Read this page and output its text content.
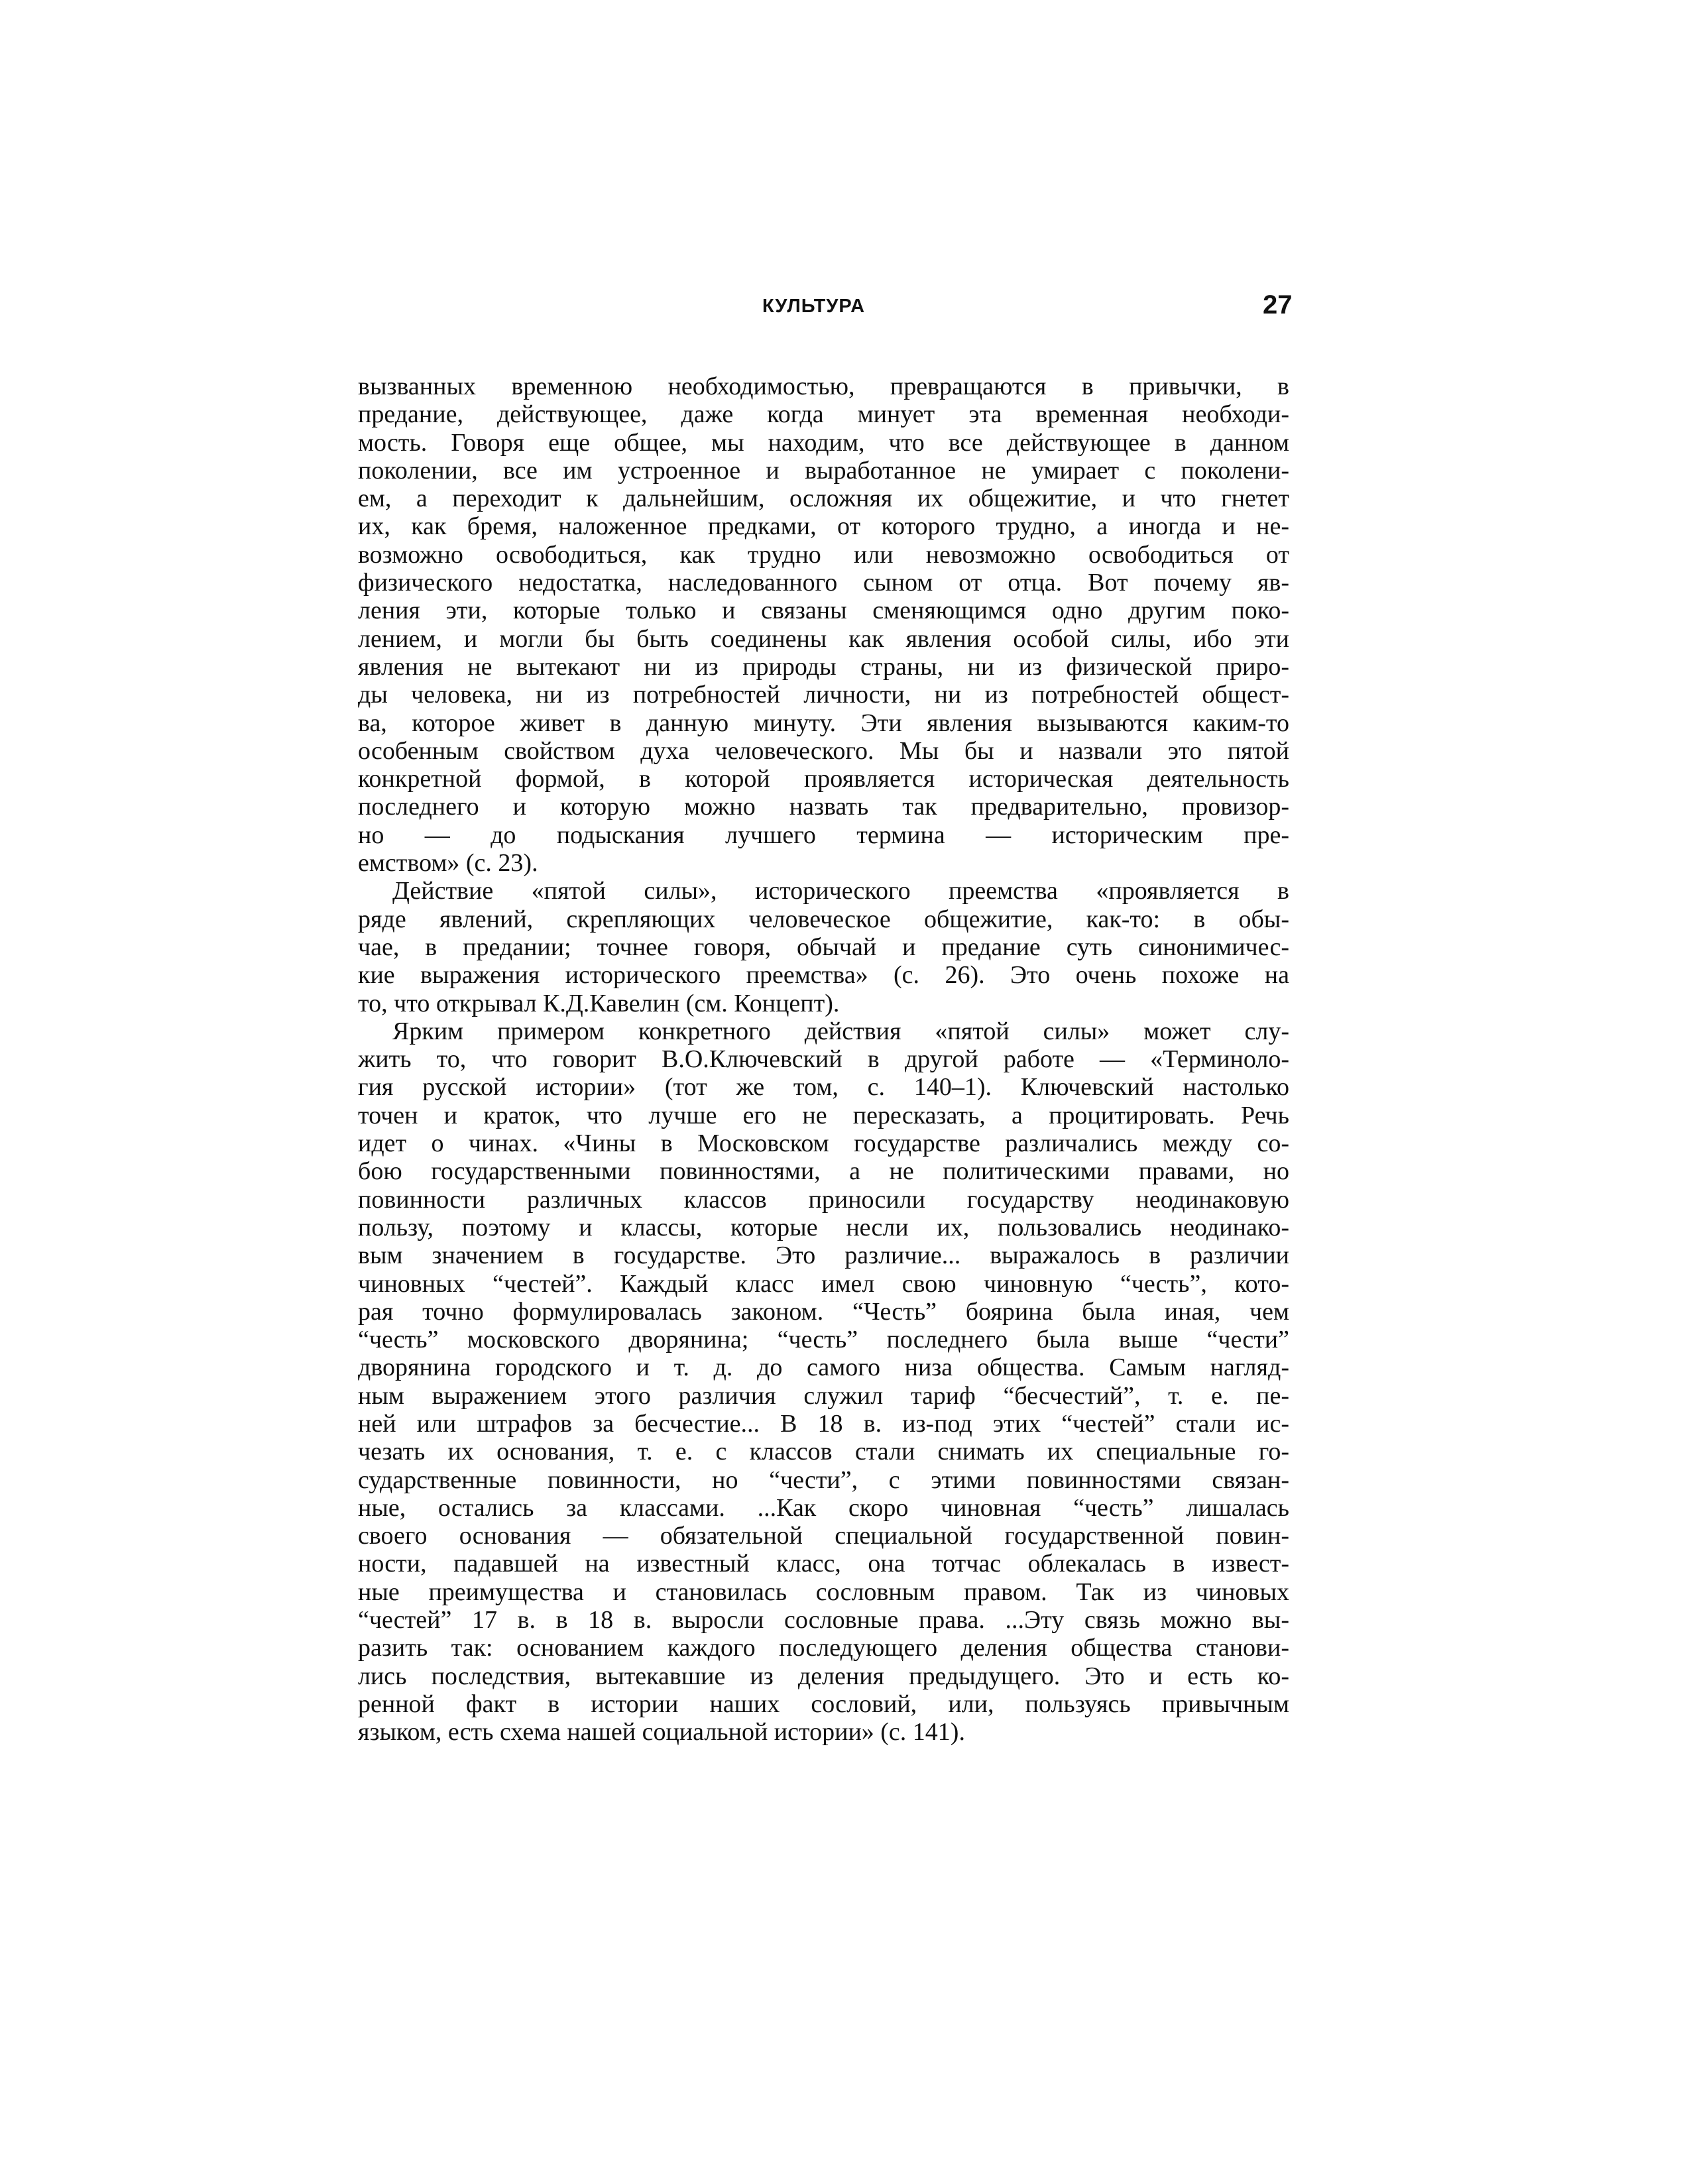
КУЛЬТУРА	27
вызванных временною необходимостью, превращаются в привычки, в
предание, действующее, даже когда минует эта временная необходи-
мость. Говоря еще общее, мы находим, что все действующее в данном
поколении, все им устроенное и выработанное не умирает с поколени-
ем, а переходит к дальнейшим, осложняя их общежитие, и что гнетет
их, как бремя, наложенное предками, от которого трудно, а иногда и не-
возможно освободиться, как трудно или невозможно освободиться от
физического недостатка, наследованного сыном от отца. Вот почему яв-
ления эти, которые только и связаны сменяющимся одно другим поко-
лением, и могли бы быть соединены как явления особой силы, ибо эти
явления не вытекают ни из природы страны, ни из физической приро-
ды человека, ни из потребностей личности, ни из потребностей общест-
ва, которое живет в данную минуту. Эти явления вызываются каким-то
особенным свойством духа человеческого. Мы бы и назвали это пятой
конкретной формой, в которой проявляется историческая деятельность
последнего и которую можно назвать так предварительно, провизор-
но — до подыскания лучшего термина — историческим пре-
емством» (с. 23).
Действие «пятой силы», исторического преемства «проявляется в
ряде явлений, скрепляющих человеческое общежитие, как-то: в обы-
чае, в предании; точнее говоря, обычай и предание суть синонимичес-
кие выражения исторического преемства» (с. 26). Это очень похоже на
то, что открывал К.Д.Кавелин (см. Концепт).
Ярким примером конкретного действия «пятой силы» может слу-
жить то, что говорит В.О.Ключевский в другой работе — «Терминоло-
гия русской истории» (тот же том, с. 140–1). Ключевский настолько
точен и краток, что лучше его не пересказать, а процитировать. Речь
идет о чинах. «Чины в Московском государстве различались между со-
бою государственными повинностями, а не политическими правами, но
повинности различных классов приносили государству неодинаковую
пользу, поэтому и классы, которые несли их, пользовались неодинако-
вым значением в государстве. Это различие... выражалось в различии
чиновных “честей”. Каждый класс имел свою чиновную “честь”, кото-
рая точно формулировалась законом. “Честь” боярина была иная, чем
“честь” московского дворянина; “честь” последнего была выше “чести”
дворянина городского и т. д. до самого низа общества. Самым нагляд-
ным выражением этого различия служил тариф “бесчестий”, т. е. пе-
ней или штрафов за бесчестие... В 18 в. из-под этих “честей” стали ис-
чезать их основания, т. е. с классов стали снимать их специальные го-
сударственные повинности, но “чести”, с этими повинностями связан-
ные, остались за классами. ...Как скоро чиновная “честь” лишалась
своего основания — обязательной специальной государственной повин-
ности, падавшей на известный класс, она тотчас облекалась в извест-
ные преимущества и становилась сословным правом. Так из чиновых
“честей” 17 в. в 18 в. выросли сословные права. ...Эту связь можно вы-
разить так: основанием каждого последующего деления общества станови-
лись последствия, вытекавшие из деления предыдущего. Это и есть ко-
ренной факт в истории наших сословий, или, пользуясь привычным
языком, есть схема нашей социальной истории» (с. 141).
